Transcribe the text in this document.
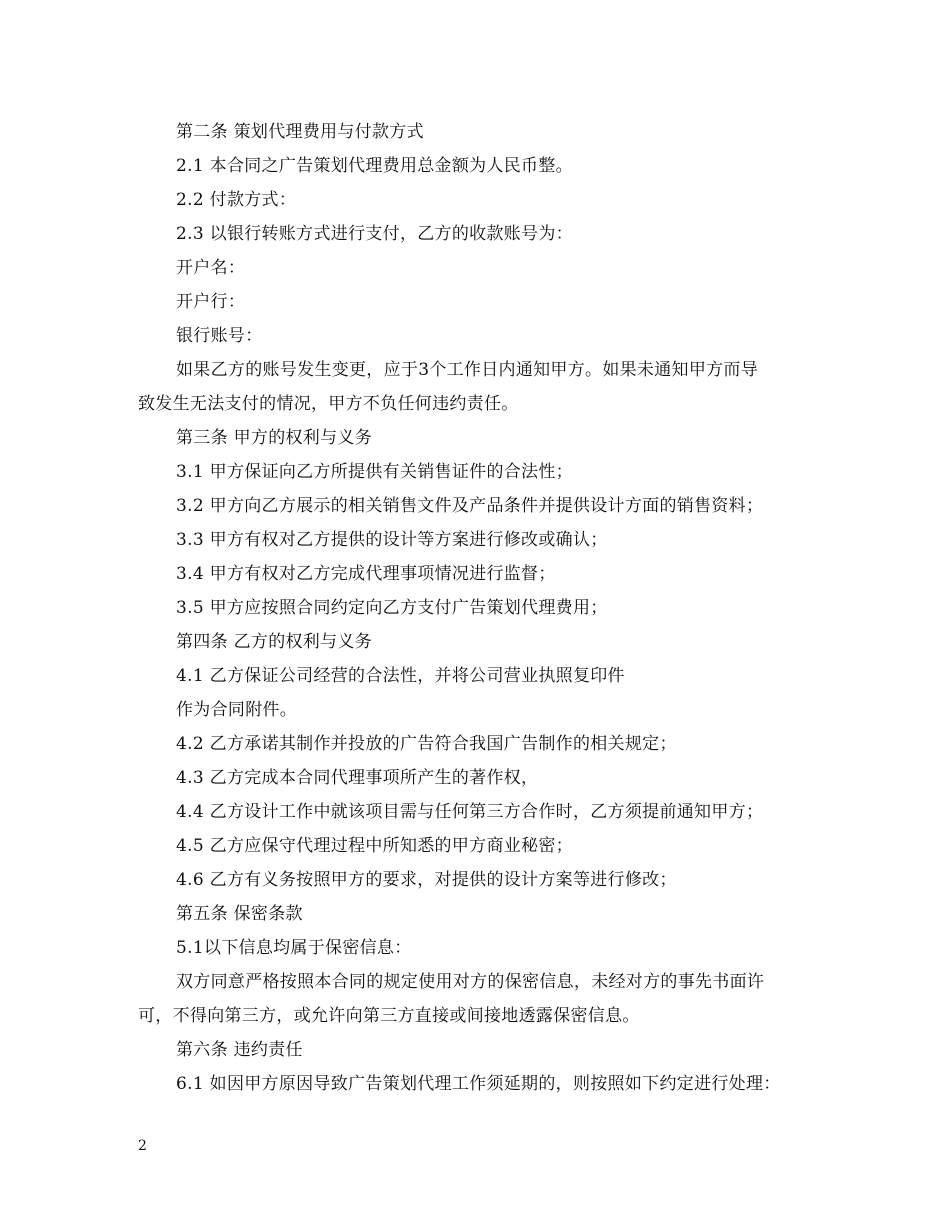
第二条 策划代理费用与付款方式
2.1 本合同之广告策划代理费用总金额为人民币整。
2.2 付款方式：
2.3 以银行转账方式进行支付，乙方的收款账号为：
开户名：
开户行：
银行账号：
如果乙方的账号发生变更，应于3个工作日内通知甲方。如果未通知甲方而导
致发生无法支付的情况，甲方不负任何违约责任。
第三条 甲方的权利与义务
3.1 甲方保证向乙方所提供有关销售证件的合法性；
3.2 甲方向乙方展示的相关销售文件及产品条件并提供设计方面的销售资料；
3.3 甲方有权对乙方提供的设计等方案进行修改或确认；
3.4 甲方有权对乙方完成代理事项情况进行监督；
3.5 甲方应按照合同约定向乙方支付广告策划代理费用；
第四条 乙方的权利与义务
4.1 乙方保证公司经营的合法性，并将公司营业执照复印件
作为合同附件。
4.2 乙方承诺其制作并投放的广告符合我国广告制作的相关规定；
4.3 乙方完成本合同代理事项所产生的著作权，
4.4 乙方设计工作中就该项目需与任何第三方合作时，乙方须提前通知甲方；
4.5 乙方应保守代理过程中所知悉的甲方商业秘密；
4.6 乙方有义务按照甲方的要求，对提供的设计方案等进行修改；
第五条 保密条款
5.1以下信息均属于保密信息：
双方同意严格按照本合同的规定使用对方的保密信息，未经对方的事先书面许
可，不得向第三方，或允许向第三方直接或间接地透露保密信息。
第六条 违约责任
6.1 如因甲方原因导致广告策划代理工作须延期的，则按照如下约定进行处理：
2
